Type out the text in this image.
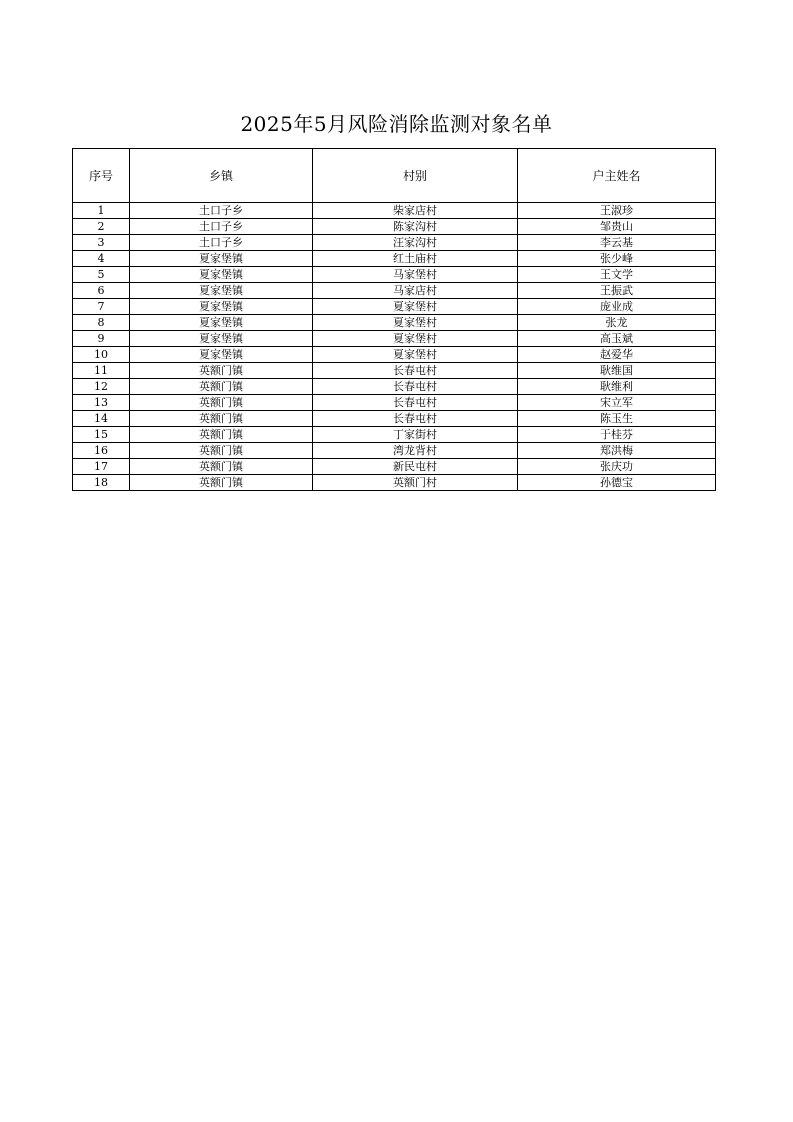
2025年5月风险消除监测对象名单
序号	乡镇	村别	户主姓名
1	土口子乡	柴家店村	王淑珍
2	土口子乡	陈家沟村	邹贵山
3	土口子乡	汪家沟村	李云基
4	夏家堡镇	红土庙村	张少峰
5	夏家堡镇	马家堡村	王文学
6	夏家堡镇	马家店村	王振武
7	夏家堡镇	夏家堡村	庞业成
8	夏家堡镇	夏家堡村	张龙
9	夏家堡镇	夏家堡村	高玉斌
10	夏家堡镇	夏家堡村	赵爱华
11	英额门镇	长春屯村	耿维国
12	英额门镇	长春屯村	耿维利
13	英额门镇	长春屯村	宋立军
14	英额门镇	长春屯村	陈玉生
15	英额门镇	丁家街村	于桂芬
16	英额门镇	湾龙背村	郑洪梅
17	英额门镇	新民屯村	张庆功
18	英额门镇	英额门村	孙德宝
